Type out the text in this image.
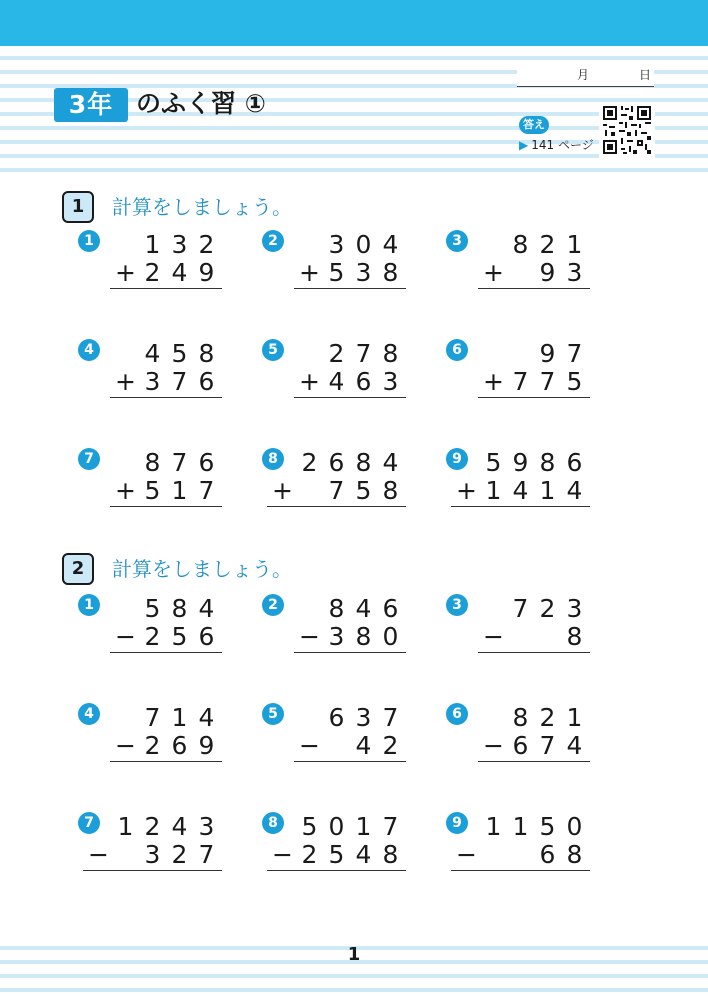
3年 のふく習 ①
月	日
答え
▶ 141 ページ
1	計算をしましょう。
2	計算をしましょう。
1 1 3 2
+ 2 4 9
2 3 0 4
+ 5 3 8
3 8 2 1
+ 9 3
4 4 5 8
+ 3 7 6
5 2 7 8
+ 4 6 3
6	9 7
+ 7 7 5
7 8 7 6
+ 5 1 7
8 2 6 8 4
+ 7 5 8
9 5 9 8 6
+ 1 4 1 4
1 5 8 4
− 2 5 6
2 8 4 6
− 3 8 0
3 7 2 3
−	8
4 7 1 4
− 2 6 9
5 6 3 7
− 4 2
6 8 2 1
− 6 7 4
7 1 2 4 3
− 3 2 7
8 5 0 1 7
− 2 5 4 8
9 1 1 5 0
−	6 8
1
